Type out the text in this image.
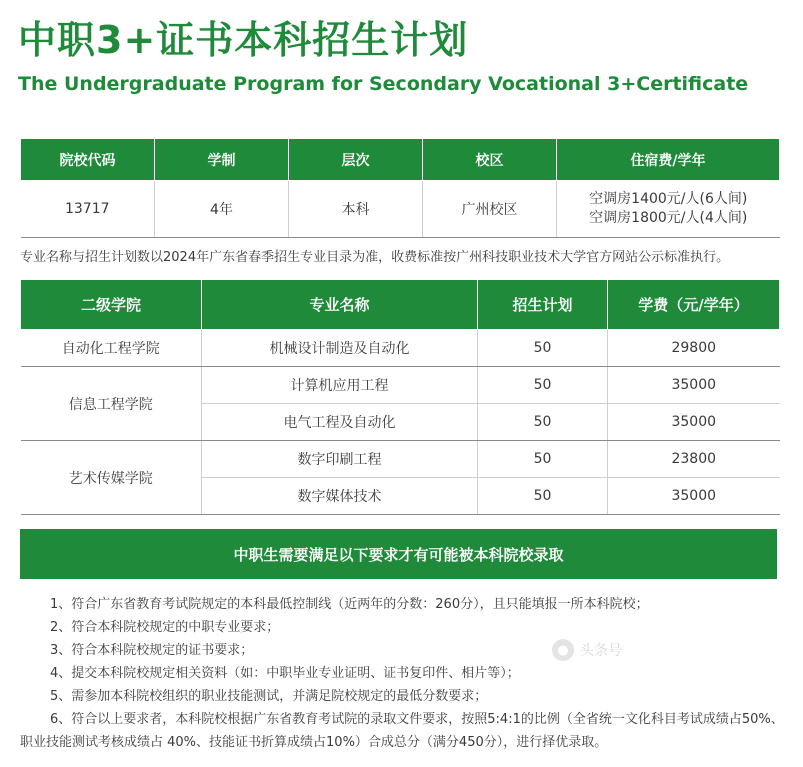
中职3+证书本科招生计划
The Undergraduate Program for Secondary Vocational 3+Certificate
院校代码	学制	层次	校区	住宿费/学年
13717	4年	本科	广州校区	空调房1400元/人(6人间)
空调房1800元/人(4人间)
专业名称与招生计划数以2024年广东省春季招生专业目录为准，收费标准按广州科技职业技术大学官方网站公示标准执行。
二级学院	专业名称	招生计划	学费（元/学年）
自动化工程学院	机械设计制造及自动化	50	29800
信息工程学院	计算机应用工程	50	35000
	电气工程及自动化	50	35000
艺术传媒学院	数字印刷工程	50	23800
	数字媒体技术	50	35000
中职生需要满足以下要求才有可能被本科院校录取

1、符合广东省教育考试院规定的本科最低控制线（近两年的分数：260分），且只能填报一所本科院校；

2、符合本科院校规定的中职专业要求；

3、符合本科院校规定的证书要求；

4、提交本科院校规定相关资料（如：中职毕业专业证明、证书复印件、相片等）；

5、需参加本科院校组织的职业技能测试，并满足院校规定的最低分数要求；

6、符合以上要求者，本科院校根据广东省教育考试院的录取文件要求，按照5:4:1的比例（全省统一文化科目考试成绩占50%、职业技能测试考核成绩占 40%、技能证书折算成绩占10%）合成总分（满分450分），进行择优录取。

● 头条号
